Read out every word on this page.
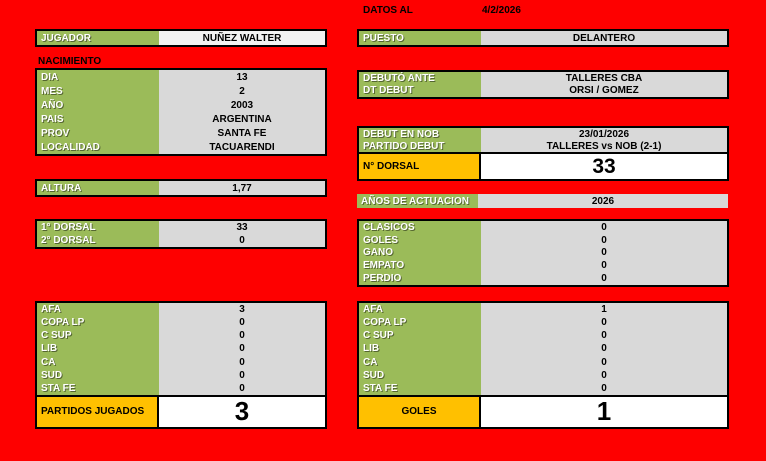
DATOS AL	4/2/2026
JUGADOR	NUÑEZ WALTER
NACIMIENTO
DIA	13
MES	2
AÑO	2003
PAIS	ARGENTINA
PROV	SANTA FE
LOCALIDAD	TACUARENDI
ALTURA	1,77
1° DORSAL	33
2° DORSAL	0
AFA	3
COPA LP	0
C SUP	0
LIB	0
CA	0
SUD	0
STA FE	0
PARTIDOS JUGADOS	3
PUESTO	DELANTERO
DEBUTÓ ANTE	TALLERES CBA
DT DEBUT	ORSI / GOMEZ
DEBUT EN NOB	23/01/2026
PARTIDO DEBUT	TALLERES vs NOB (2-1)
N° DORSAL	33
AÑOS DE ACTUACION	2026
CLASICOS	0
GOLES	0
GANO	0
EMPATO	0
PERDIO	0
AFA	1
COPA LP	0
C SUP	0
LIB	0
CA	0
SUD	0
STA FE	0
GOLES	1
